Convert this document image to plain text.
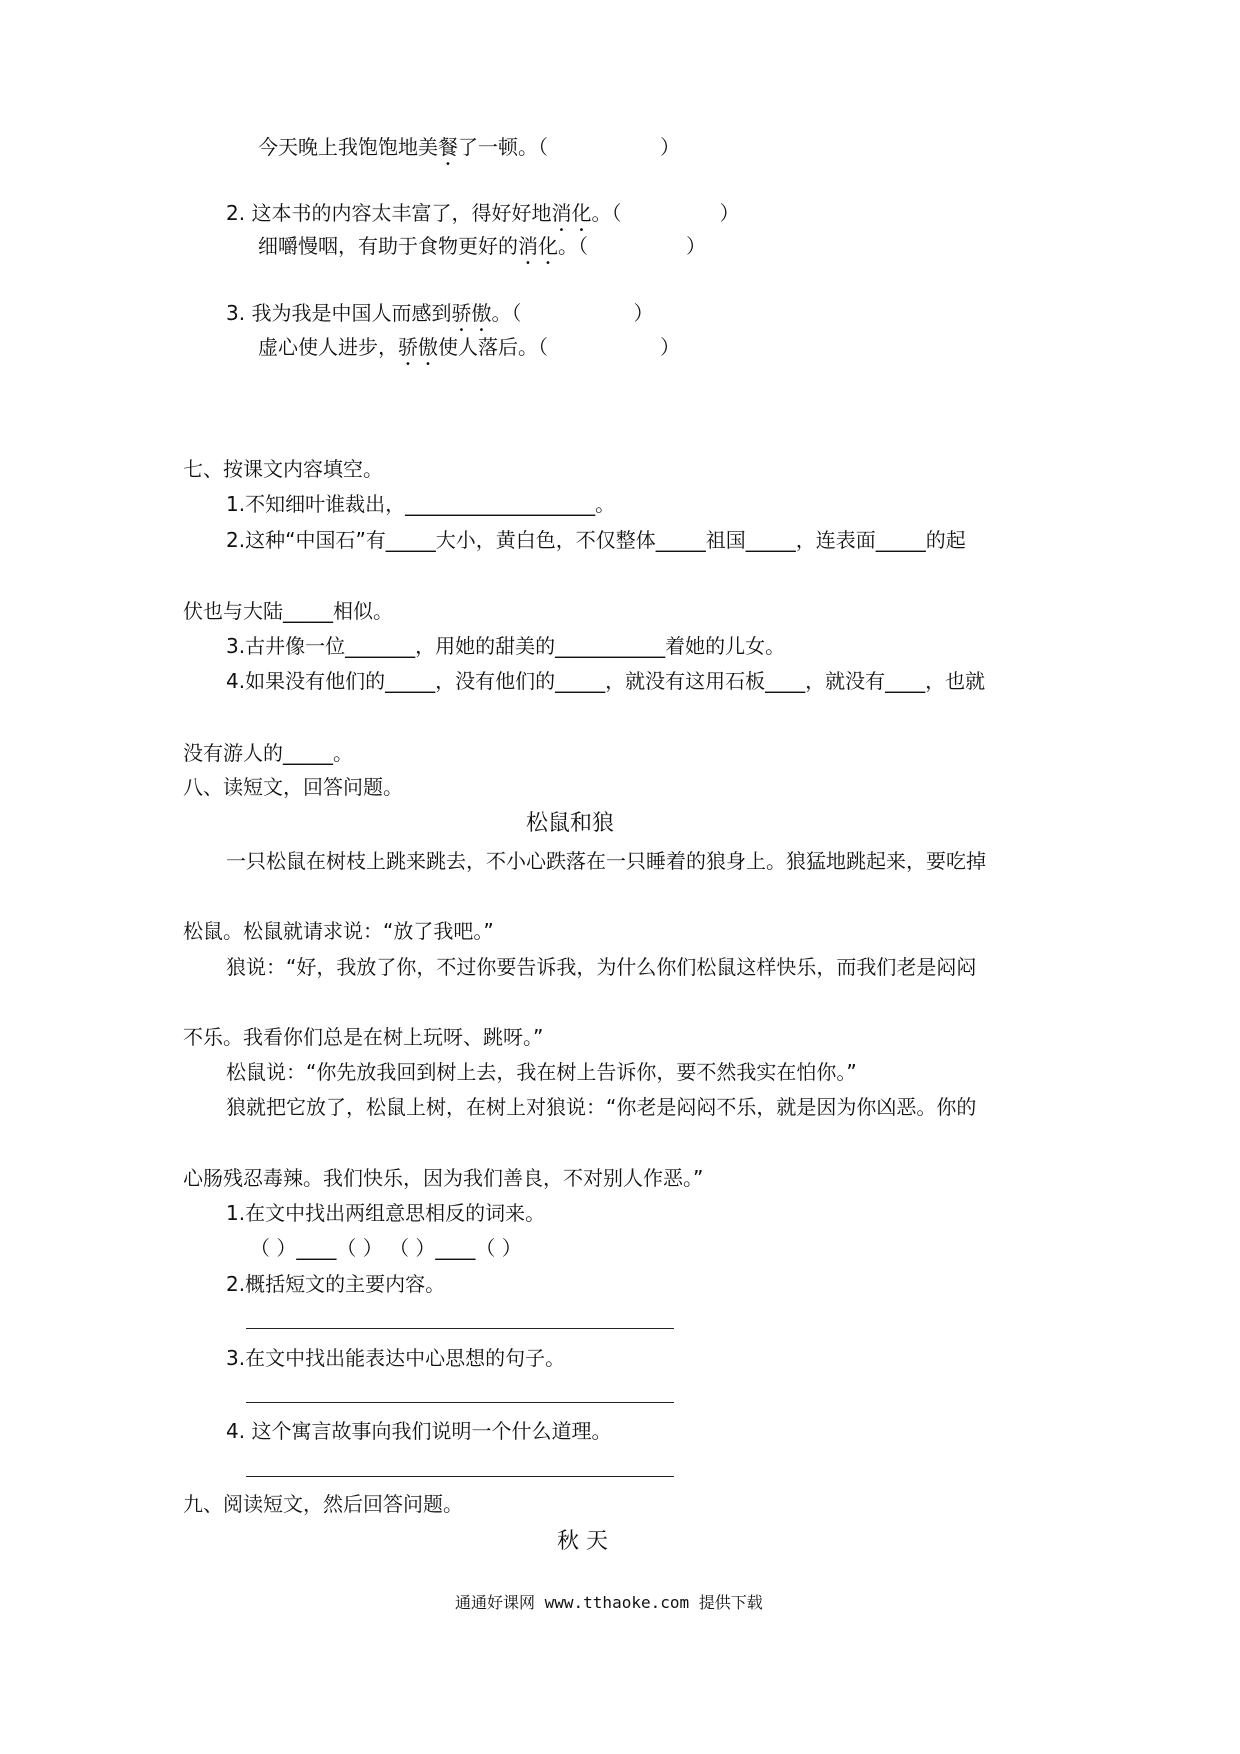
今天晚上我饱饱地美餐了一顿。（	）
2. 这本书的内容太丰富了，得好好地消化。（	）
细嚼慢咽，有助于食物更好的消化。（	）
3. 我为我是中国人而感到骄傲。（	）
虚心使人进步，骄傲使人落后。（	）
七、按课文内容填空。
1.不知细叶谁裁出，___________________。
2.这种“中国石”有_____大小，黄白色，不仅整体_____祖国_____，连表面_____的起
伏也与大陆_____相似。
3.古井像一位_______，用她的甜美的___________着她的儿女。
4.如果没有他们的_____，没有他们的_____，就没有这用石板____，就没有____，也就
没有游人的_____。
八、读短文，回答问题。
松鼠和狼
一只松鼠在树枝上跳来跳去，不小心跌落在一只睡着的狼身上。狼猛地跳起来，要吃掉
松鼠。松鼠就请求说：“放了我吧。”
狼说：“好，我放了你，不过你要告诉我，为什么你们松鼠这样快乐，而我们老是闷闷
不乐。我看你们总是在树上玩呀、跳呀。”
松鼠说：“你先放我回到树上去，我在树上告诉你，要不然我实在怕你。”
狼就把它放了，松鼠上树，在树上对狼说：“你老是闷闷不乐，就是因为你凶恶。你的
心肠残忍毒辣。我们快乐，因为我们善良，不对别人作恶。”
1.在文中找出两组意思相反的词来。
（ ）____（ ） （ ）____（ ）
2.概括短文的主要内容。
3.在文中找出能表达中心思想的句子。
4. 这个寓言故事向我们说明一个什么道理。
九、阅读短文，然后回答问题。
秋 天
通通好课网 www.tthaoke.com 提供下载
